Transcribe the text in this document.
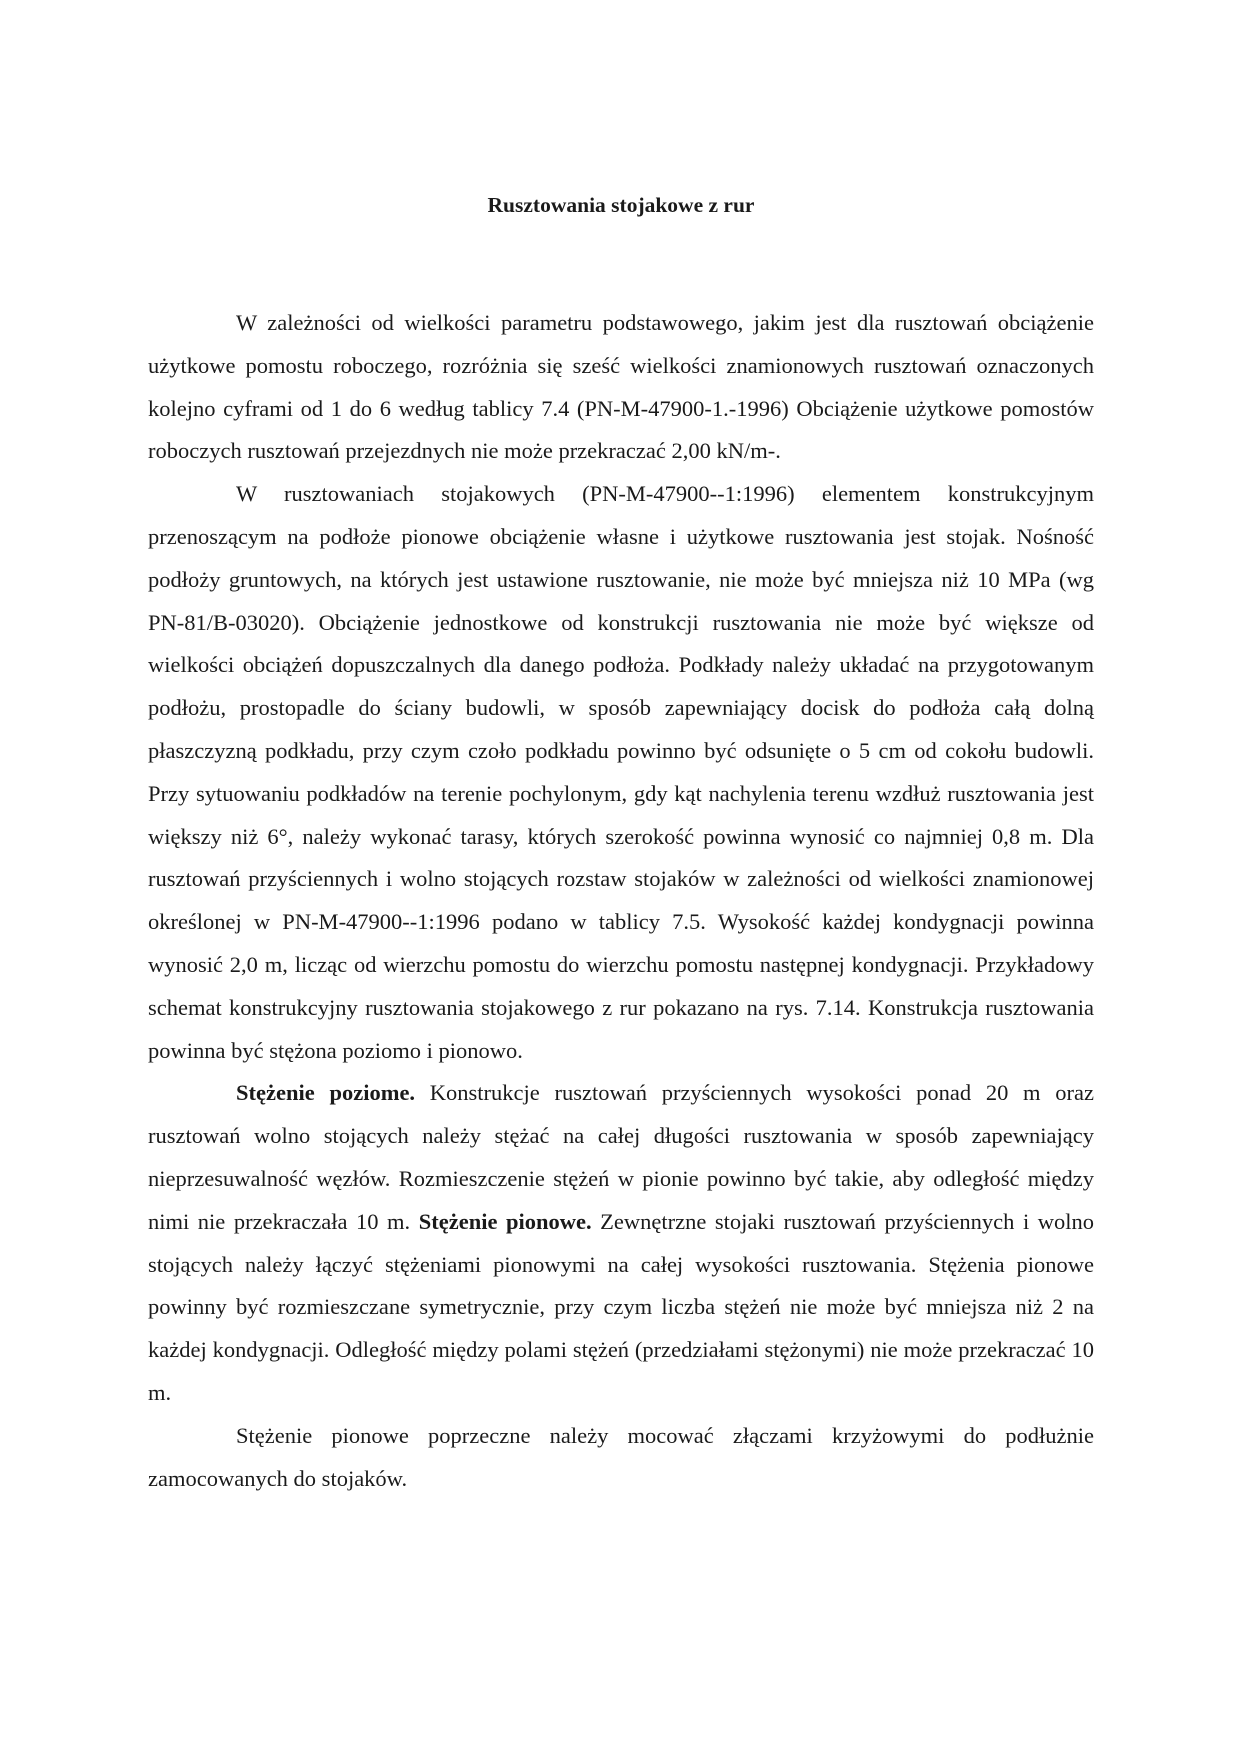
Rusztowania stojakowe z rur

W zależności od wielkości parametru podstawowego, jakim jest dla rusztowań obciążenie użytkowe pomostu roboczego, rozróżnia się sześć wielkości znamionowych rusztowań oznaczonych kolejno cyframi od 1 do 6 według tablicy 7.4 (PN-M-47900-1.-1996) Obciążenie użytkowe pomostów roboczych rusztowań przejezdnych nie może przekraczać 2,00 kN/m-.

W rusztowaniach stojakowych (PN-M-47900--1:1996) elementem konstrukcyjnym przenoszącym na podłoże pionowe obciążenie własne i użytkowe rusztowania jest stojak. Nośność podłoży gruntowych, na których jest ustawione rusztowanie, nie może być mniejsza niż 10 MPa (wg PN-81/B-03020). Obciążenie jednostkowe od konstrukcji rusztowania nie może być większe od wielkości obciążeń dopuszczalnych dla danego podłoża. Podkłady należy układać na przygotowanym podłożu, prostopadle do ściany budowli, w sposób zapewniający docisk do podłoża całą dolną płaszczyzną podkładu, przy czym czoło podkładu powinno być odsunięte o 5 cm od cokołu budowli. Przy sytuowaniu podkładów na terenie pochylonym, gdy kąt nachylenia terenu wzdłuż rusztowania jest większy niż 6°, należy wykonać tarasy, których szerokość powinna wynosić co najmniej 0,8 m. Dla rusztowań przyściennych i wolno stojących rozstaw stojaków w zależności od wielkości znamionowej określonej w PN-M-47900--1:1996 podano w tablicy 7.5. Wysokość każdej kondygnacji powinna wynosić 2,0 m, licząc od wierzchu pomostu do wierzchu pomostu następnej kondygnacji. Przykładowy schemat konstrukcyjny rusztowania stojakowego z rur pokazano na rys. 7.14. Konstrukcja rusztowania powinna być stężona poziomo i pionowo.

Stężenie poziome. Konstrukcje rusztowań przyściennych wysokości ponad 20 m oraz rusztowań wolno stojących należy stężać na całej długości rusztowania w sposób zapewniający nieprzesuwalność węzłów. Rozmieszczenie stężeń w pionie powinno być takie, aby odległość między nimi nie przekraczała 10 m. Stężenie pionowe. Zewnętrzne stojaki rusztowań przyściennych i wolno stojących należy łączyć stężeniami pionowymi na całej wysokości rusztowania. Stężenia pionowe powinny być rozmieszczane symetrycznie, przy czym liczba stężeń nie może być mniejsza niż 2 na każdej kondygnacji. Odległość między polami stężeń (przedziałami stężonymi) nie może przekraczać 10 m.

Stężenie pionowe poprzeczne należy mocować złączami krzyżowymi do podłużnie zamocowanych do stojaków.
